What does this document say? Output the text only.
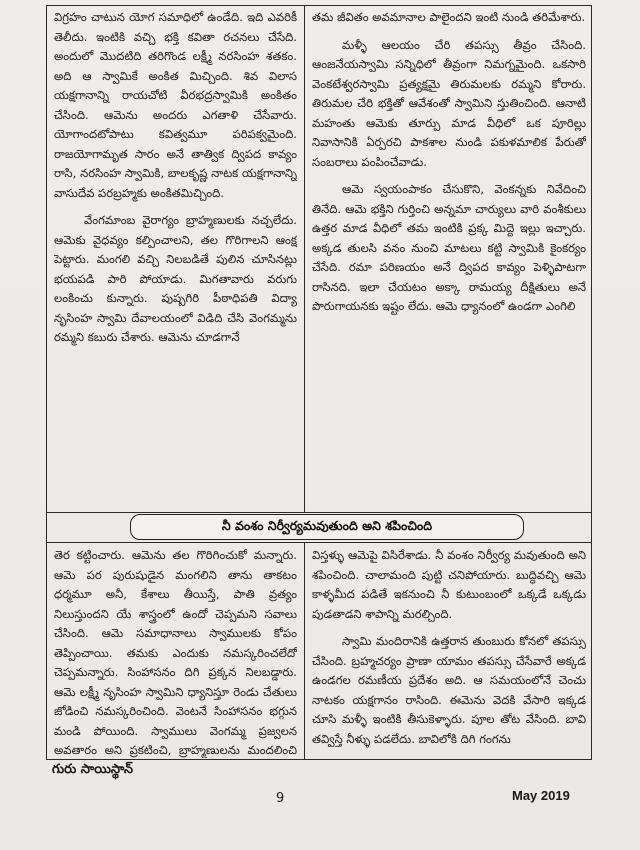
విగ్రహం చాటున యోగ సమాధిలో ఉండేది. ఇది ఎవరికీ తెలీదు. ఇంటికి వచ్చి భక్తి కవితా రచనలు చేసేది. అందులో మొదటిది తరిగొండ లక్ష్మీ నరసింహ శతకం. అది ఆ స్వామికే అంకిత మిచ్చింది. శివ విలాస యక్షగానాన్ని రాయచోటి వీరభద్రస్వామికి అంకితం చేసింది. ఆమెను అందరు ఎగతాళి చేసేవారు. యోగాందటోపాటు కవిత్వమూ పరిపక్వమైంది. రాజయోగామృత సారం అనే తాత్విక ద్విపద కావ్యం రాసి, నరసింహ స్వామికి, బాలకృష్ణ నాటక యక్షగానాన్ని వాసుదేవ పరబ్రహ్మకు అంకితమిచ్చింది.

వేంగమాంబ వైరాగ్యం బ్రాహ్మణులకు నచ్చలేదు. ఆమెకు వైధవ్యం కల్పించాలని, తల గొరిగాలని ఆంక్ష పెట్టారు. మంగలి వచ్చి నిలబడితే పులిన చూసినట్లు భయపడి పారి పోయాడు. మిగతావారు వరుగు లంకించు కున్నారు. పుష్పగిరి పీఠాధిపతి విద్యా నృసింహ స్వామి దేవాలయంలో విడిది చేసి వెంగమ్మను రమ్మని కబురు చేశారు. ఆమెను చూడగానే

తమ జీవితం అవమానాల పాలైందని ఇంటి నుండి తరిమేశారు.

మళ్ళీ ఆలయం చేరి తపస్సు తీవ్రం చేసింది. ఆంజనేయస్వామి సన్నిధిలో తీవ్రంగా నిమగ్నమైంది. ఒకసారి వెంకటేశ్వరస్వామి ప్రత్యక్షమై తిరుమలకు రమ్మని కోరారు. తిరుమల చేరి భక్తితో ఆవేశంతో స్వామిని స్తుతించింది. ఆనాటి మహంతు ఆమెకు తూర్పు మాడ వీధిలో ఒక పూరిల్లు నివాసానికి ఏర్పరచి పాకశాల నుండి పకుళమాలిక పేరుతో సంబరాలు పంపించేవాడు.

ఆమె స్వయంపాకం చేసుకొని, వెంకన్నకు నివేదించి తినేది. ఆమె భక్తిని గుర్తించి అన్నమా చార్యులు వారి వంశీకులు ఉత్తర మాడ వీధిలో తమ ఇంటికి ప్రక్క మిద్దె ఇల్లు ఇచ్చారు. అక్కడ తులసి వనం నుంచి మాటలు కట్టి స్వామికి కైంకర్యం చేసేది. రమా పరిణయం అనే ద్విపద కావ్యం పెళ్ళిపాటగా రాసినది. ఇలా చేయటం అక్కా రామయ్య దీక్షితులు అనే పొరుగాయనకు ఇష్టం లేదు. ఆమె ధ్యానంలో ఉండగా ఎంగిలి

నీ వంశం నిర్వీర్యమవుతుంది అని శపించింది

తెర కట్టించారు. ఆమెను తల గొరిగించుకో మన్నారు. ఆమె పర పురుషుడైన మంగలిని తాను తాకటం ధర్మమూ అనీ, కేశాలు తీయిస్తే, పాతి వ్రత్యం నిలుస్తుందని యే శాస్త్రంలో ఉందో చెప్పమని సవాలు చేసింది. ఆమె సమాధానాలు స్వాములకు కోపం తెప్పించాయి. తమకు ఎందుకు నమస్కరించలేదో చెప్పమన్నారు. సింహాసనం దిగి ప్రక్కన నిలబడ్డారు. ఆమె లక్ష్మీ నృసింహ స్వామిని ధ్యానిస్తూ రెండు చేతులు జోడించి నమస్కరించింది. వెంటనే సింహాసనం భగ్గున మండి పోయింది. స్వాములు వెంగమ్మ ప్రజ్వలన అవతారం అని ప్రకటించి, బ్రాహ్మణులను మందలించి

విస్తళ్ళు ఆమెపై విసిరేశాడు. నీ వంశం నిర్వీర్య మవుతుంది అని శపించింది. చాలామంది పుట్టి చనిపోయారు. బుద్ధివచ్చి ఆమె కాళ్ళమీద పడితే ఇకనుంచి నీ కుటుంబంలో ఒక్కడే ఒక్కడు పుడతాడని శాపాన్ని మరల్చింది.

స్వామి మందిరానికి ఉత్తరాన తుంబురు కోనలో తపస్సు చేసింది. బ్రహ్మచర్యం ప్రాణా యామం తపస్సు చేసేవారే అక్కడ ఉండగల రమణీయ ప్రదేశం అది. ఆ సమయంలోనే చెంచు నాటకం యక్షగానం రాసింది. ఈమెను వెదకి వేసారి ఇక్కడ చూసి మళ్ళీ ఇంటికి తీసుకెళ్ళారు. పూల తోట వేసింది. బావి తవ్విస్తే నీళ్ళు పడలేదు. బావిలోకి దిగి గంగను

గురు సాయిస్థాన్
9	May 2019
